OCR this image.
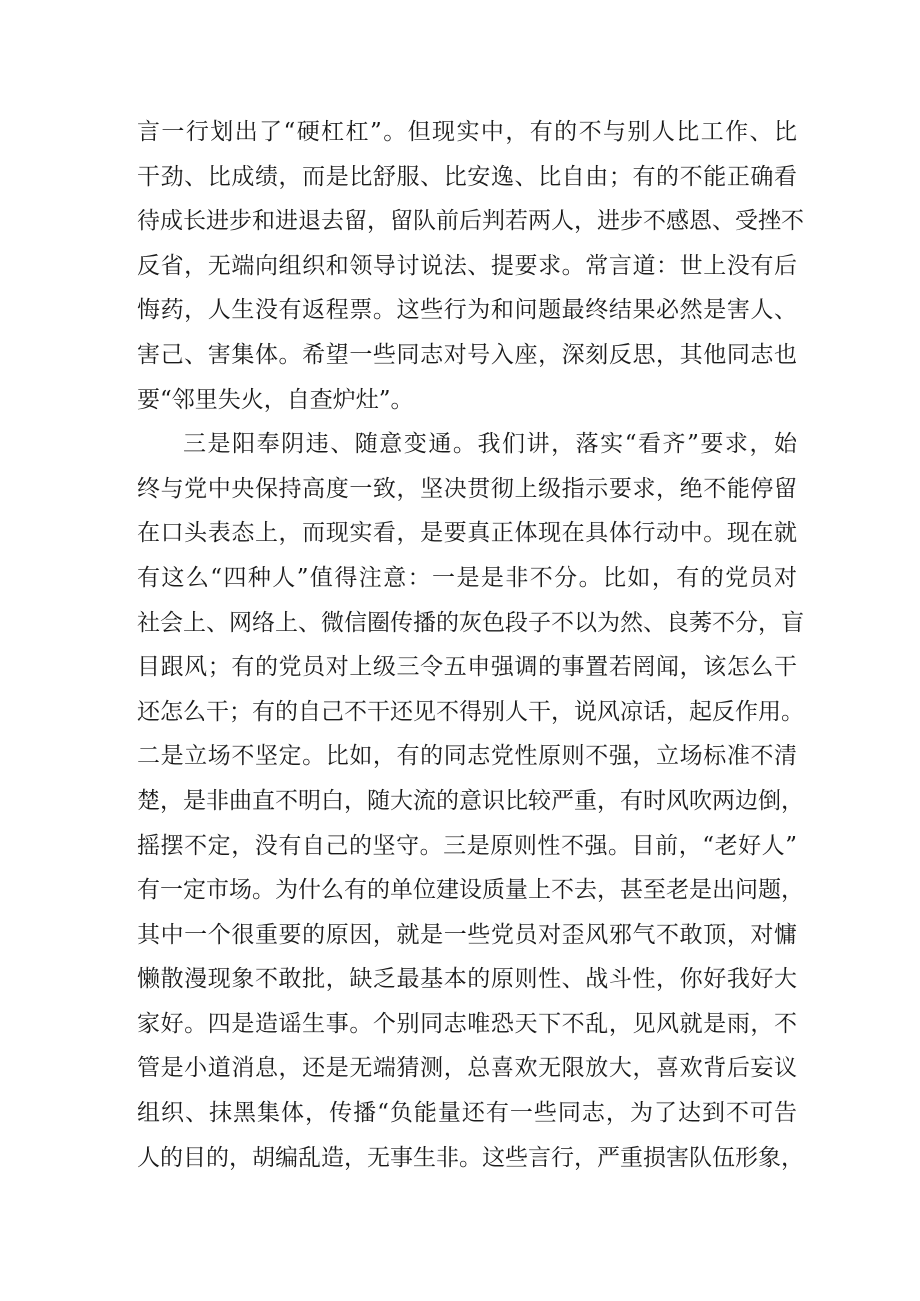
言一行划出了“硬杠杠”。但现实中，有的不与别人比工作、比
干劲、比成绩，而是比舒服、比安逸、比自由；有的不能正确看
待成长进步和进退去留，留队前后判若两人，进步不感恩、受挫不
反省，无端向组织和领导讨说法、提要求。常言道：世上没有后
悔药，人生没有返程票。这些行为和问题最终结果必然是害人、
害己、害集体。希望一些同志对号入座，深刻反思，其他同志也
要“邻里失火，自查炉灶”。
三是阳奉阴违、随意变通。我们讲，落实“看齐”要求，始
终与党中央保持高度一致，坚决贯彻上级指示要求，绝不能停留
在口头表态上，而现实看，是要真正体现在具体行动中。现在就
有这么“四种人”值得注意：一是是非不分。比如，有的党员对
社会上、网络上、微信圈传播的灰色段子不以为然、良莠不分，盲
目跟风；有的党员对上级三令五申强调的事置若罔闻，该怎么干
还怎么干；有的自己不干还见不得别人干，说风凉话，起反作用。
二是立场不坚定。比如，有的同志党性原则不强，立场标准不清
楚，是非曲直不明白，随大流的意识比较严重，有时风吹两边倒，
摇摆不定，没有自己的坚守。三是原则性不强。目前，“老好人”
有一定市场。为什么有的单位建设质量上不去，甚至老是出问题，
其中一个很重要的原因，就是一些党员对歪风邪气不敢顶，对慵
懒散漫现象不敢批，缺乏最基本的原则性、战斗性，你好我好大
家好。四是造谣生事。个别同志唯恐天下不乱，见风就是雨，不
管是小道消息，还是无端猜测，总喜欢无限放大，喜欢背后妄议
组织、抹黑集体，传播“负能量还有一些同志，为了达到不可告
人的目的，胡编乱造，无事生非。这些言行，严重损害队伍形象，
